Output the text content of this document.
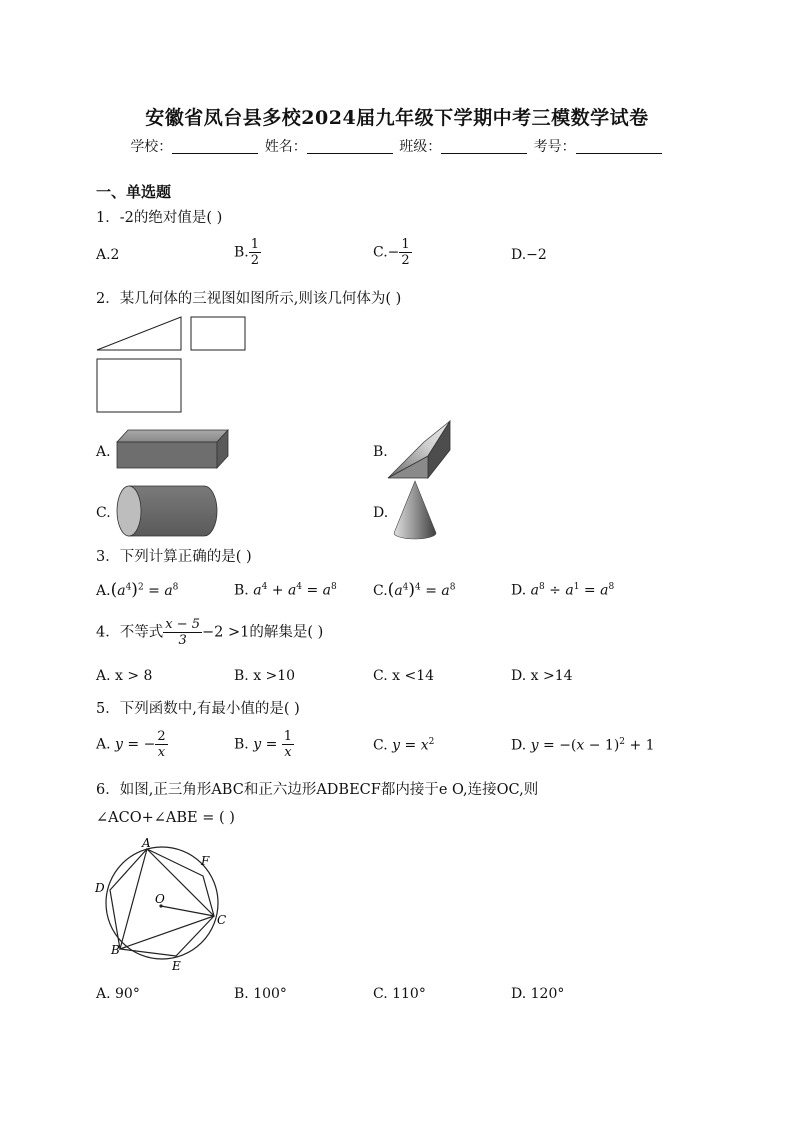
安徽省凤台县多校2024届九年级下学期中考三模数学试卷
学校：	姓名：	班级：	考号：
一、单选题
1．-2的绝对值是( )
A.2	B. $\frac{1}{2}$	$C.- \frac{1}{2}$	D.−2
2．某几何体的三视图如图所示,则该几何体为( )
A.	B.
C.	D.
3．下列计算正确的是( )
$A.(a^4)^2 = a^8$	B. $a^4 + a^4 = a^8$	$C.(a^4)^4 = a^8$	D. $a^8 \div a^1 = a^8$
4．不等式 $\frac{x - 5}{3} -2 >1$的解集是( )
A. x > 8	B. x >10	C. x <14	D. x >14
5．下列函数中,有最小值的是( )
A. y = − $\frac{2}{x}$	B. $y = \frac{1}{x}$	C. $y = x^2$	D. $y = -(x - 1)^2 + 1$
6．如图,正三角形ABC和正六边形ADBECF都内接于e O,连接OC,则
∠ACO+∠ABE = ( )
A
F
D
O
C
B
E
A. 90°	B. 100°	C. 110°	D. 120°
